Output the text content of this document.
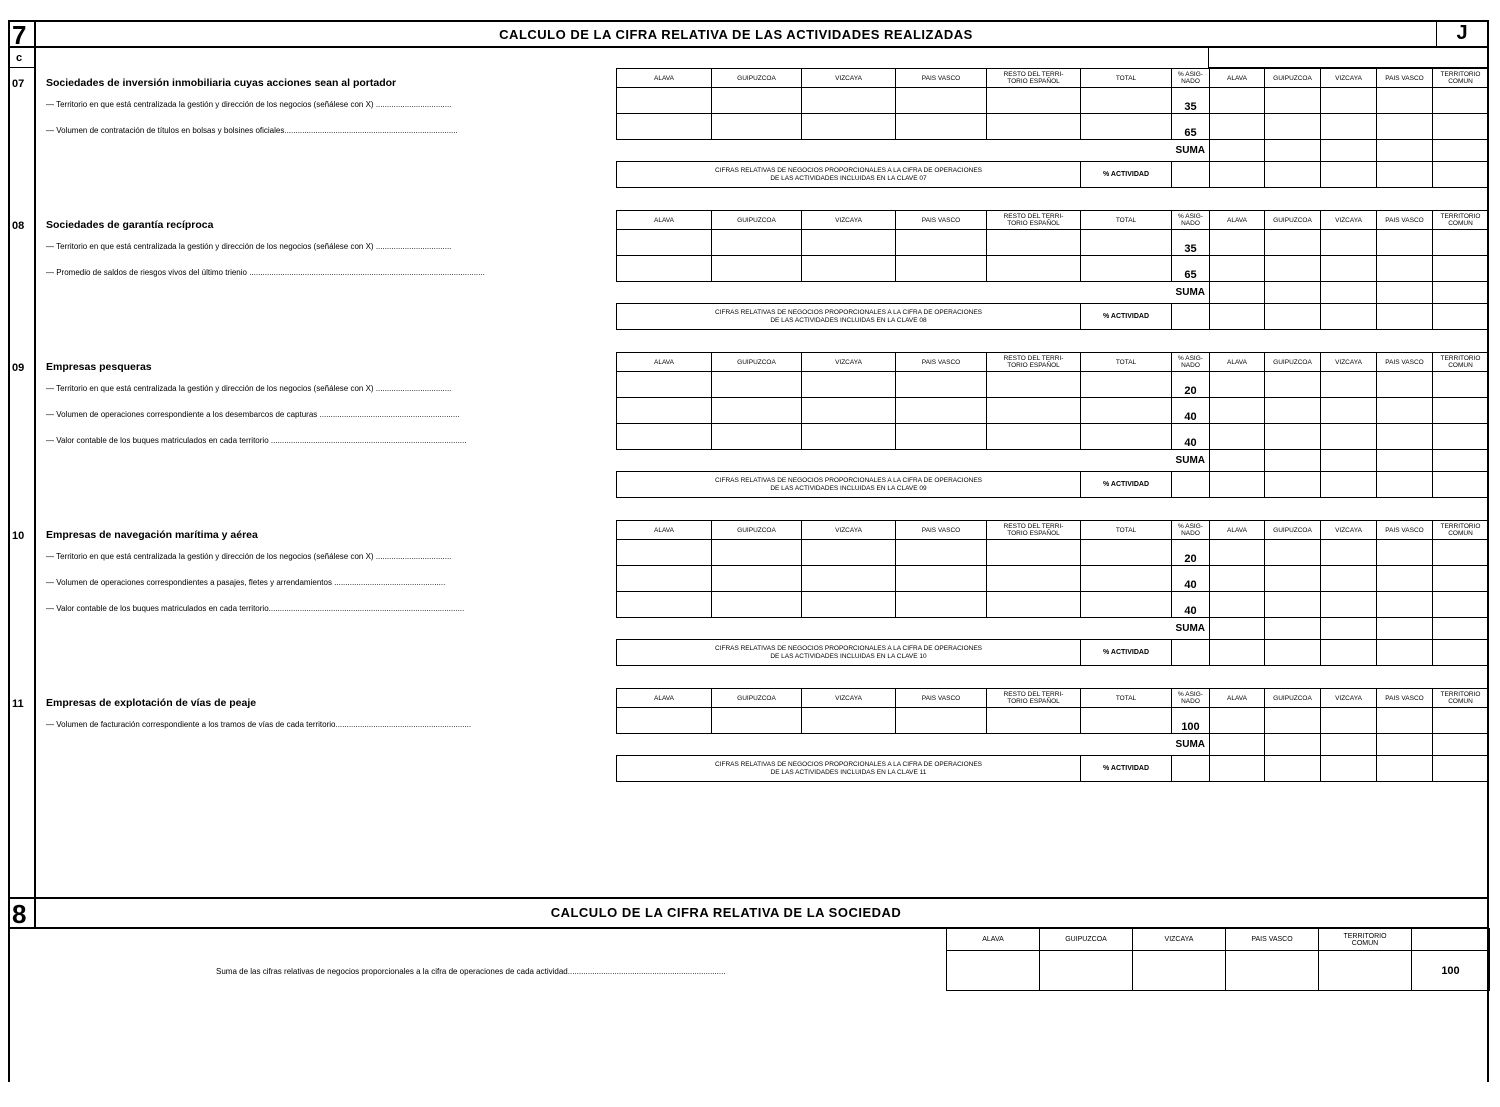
7
c
CALCULO DE LA CIFRA RELATIVA DE LAS ACTIVIDADES REALIZADAS	J
07 Sociedades de inversión inmobiliaria cuyas acciones sean al portador
— Territorio en que está centralizada la gestión y dirección de los negocios (señálese con X) ..................................
— Volumen de contratación de títulos en bolsas y bolsines oficiales..............................................................................
ALAVA	GUIPUZCOA	VIZCAYA	PAIS VASCO	RESTO DEL TERRI-
TORIO ESPAÑOL	TOTAL	% ASIG-
NADO	ALAVA	GUIPUZCOA	VIZCAYA	PAIS VASCO	TERRITORIO
COMUN
						35					
						65					
					SUMA						
CIFRAS RELATIVAS DE NEGOCIOS PROPORCIONALES A LA CIFRA DE OPERACIONES
DE LAS ACTIVIDADES INCLUIDAS EN LA CLAVE 07					% ACTIVIDAD						
08 Sociedades de garantía recíproca
— Territorio en que está centralizada la gestión y dirección de los negocios (señálese con X) ..................................
— Promedio de saldos de riesgos vivos del último trienio ..........................................................................................................
ALAVA	GUIPUZCOA	VIZCAYA	PAIS VASCO	RESTO DEL TERRI-
TORIO ESPAÑOL	TOTAL	% ASIG-
NADO	ALAVA	GUIPUZCOA	VIZCAYA	PAIS VASCO	TERRITORIO
COMUN
						35					
						65					
					SUMA						
CIFRAS RELATIVAS DE NEGOCIOS PROPORCIONALES A LA CIFRA DE OPERACIONES
DE LAS ACTIVIDADES INCLUIDAS EN LA CLAVE 08					% ACTIVIDAD						
09 Empresas pesqueras
— Territorio en que está centralizada la gestión y dirección de los negocios (señálese con X) ..................................
— Volumen de operaciones correspondiente a los desembarcos de capturas ...............................................................
— Valor contable de los buques matriculados en cada territorio ........................................................................................
ALAVA	GUIPUZCOA	VIZCAYA	PAIS VASCO	RESTO DEL TERRI-
TORIO ESPAÑOL	TOTAL	% ASIG-
NADO	ALAVA	GUIPUZCOA	VIZCAYA	PAIS VASCO	TERRITORIO
COMUN
						20					
						40					
						40					
					SUMA						
CIFRAS RELATIVAS DE NEGOCIOS PROPORCIONALES A LA CIFRA DE OPERACIONES
DE LAS ACTIVIDADES INCLUIDAS EN LA CLAVE 09					% ACTIVIDAD						
10 Empresas de navegación marítima y aérea
— Territorio en que está centralizada la gestión y dirección de los negocios (señálese con X) ..................................
— Volumen de operaciones correspondientes a pasajes, fletes y arrendamientos ..................................................
— Valor contable de los buques matriculados en cada territorio........................................................................................
ALAVA	GUIPUZCOA	VIZCAYA	PAIS VASCO	RESTO DEL TERRI-
TORIO ESPAÑOL	TOTAL	% ASIG-
NADO	ALAVA	GUIPUZCOA	VIZCAYA	PAIS VASCO	TERRITORIO
COMUN
						20					
						40					
						40					
					SUMA						
CIFRAS RELATIVAS DE NEGOCIOS PROPORCIONALES A LA CIFRA DE OPERACIONES
DE LAS ACTIVIDADES INCLUIDAS EN LA CLAVE 10					% ACTIVIDAD						
11 Empresas de explotación de vías de peaje
— Volumen de facturación correspondiente a los tramos de vías de cada territorio.............................................................
ALAVA	GUIPUZCOA	VIZCAYA	PAIS VASCO	RESTO DEL TERRI-
TORIO ESPAÑOL	TOTAL	% ASIG-
NADO	ALAVA	GUIPUZCOA	VIZCAYA	PAIS VASCO	TERRITORIO
COMUN
						100					
					SUMA						
CIFRAS RELATIVAS DE NEGOCIOS PROPORCIONALES A LA CIFRA DE OPERACIONES
DE LAS ACTIVIDADES INCLUIDAS EN LA CLAVE 11					% ACTIVIDAD						
8	CALCULO DE LA CIFRA RELATIVA DE LA SOCIEDAD
ALAVA	GUIPUZCOA	VIZCAYA	PAIS VASCO	TERRITORIO
COMUN	
					100
Suma de las cifras relativas de negocios proporcionales a la cifra de operaciones de cada actividad.......................................................................
